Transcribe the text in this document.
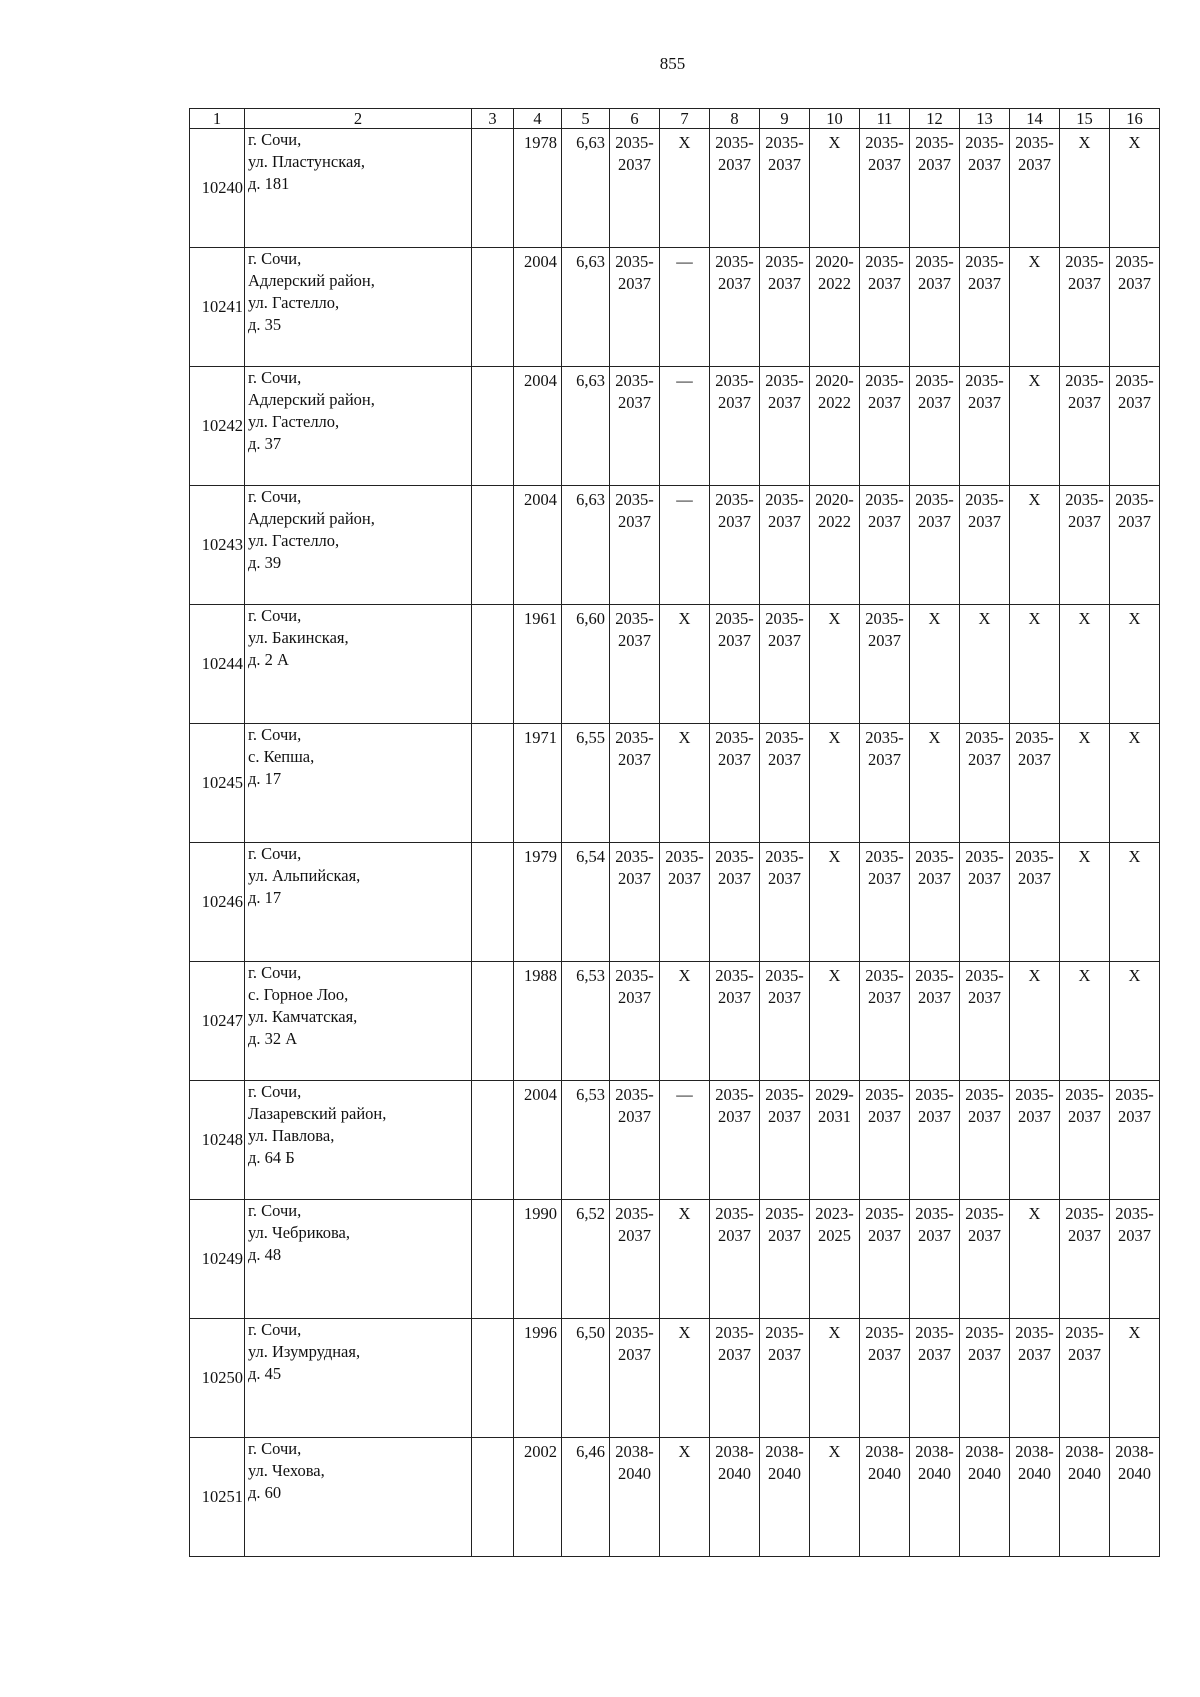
855
1	2	3	4	5	6	7	8	9	10	11	12	13	14	15	16
10240	г. Сочи,
ул. Пластунская,
д. 181		1978	6,63	2035-
2037	Х	2035-
2037	2035-
2037	Х	2035-
2037	2035-
2037	2035-
2037	2035-
2037	Х	Х

10241	г. Сочи,
Адлерский район,
ул. Гастелло,
д. 35		2004	6,63	2035-
2037	—	2035-
2037	2035-
2037	2020-
2022	2035-
2037	2035-
2037	2035-
2037	Х	2035-
2037	2035-
2037

10242	г. Сочи,
Адлерский район,
ул. Гастелло,
д. 37		2004	6,63	2035-
2037	—	2035-
2037	2035-
2037	2020-
2022	2035-
2037	2035-
2037	2035-
2037	Х	2035-
2037	2035-
2037

10243	г. Сочи,
Адлерский район,
ул. Гастелло,
д. 39		2004	6,63	2035-
2037	—	2035-
2037	2035-
2037	2020-
2022	2035-
2037	2035-
2037	2035-
2037	Х	2035-
2037	2035-
2037

10244	г. Сочи,
ул. Бакинская,
д. 2 А		1961	6,60	2035-
2037	Х	2035-
2037	2035-
2037	Х	2035-
2037	Х	Х	Х	Х	Х

10245	г. Сочи,
с. Кепша,
д. 17		1971	6,55	2035-
2037	Х	2035-
2037	2035-
2037	Х	2035-
2037	Х	2035-
2037	2035-
2037	Х	Х

10246	г. Сочи,
ул. Альпийская,
д. 17		1979	6,54	2035-
2037	2035-
2037	2035-
2037	2035-
2037	Х	2035-
2037	2035-
2037	2035-
2037	2035-
2037	Х	Х

10247	г. Сочи,
с. Горное Лоо,
ул. Камчатская,
д. 32 А		1988	6,53	2035-
2037	Х	2035-
2037	2035-
2037	Х	2035-
2037	2035-
2037	2035-
2037	Х	Х	Х

10248	г. Сочи,
Лазаревский район,
ул. Павлова,
д. 64 Б		2004	6,53	2035-
2037	—	2035-
2037	2035-
2037	2029-
2031	2035-
2037	2035-
2037	2035-
2037	2035-
2037	2035-
2037	2035-
2037

10249	г. Сочи,
ул. Чебрикова,
д. 48		1990	6,52	2035-
2037	Х	2035-
2037	2035-
2037	2023-
2025	2035-
2037	2035-
2037	2035-
2037	Х	2035-
2037	2035-
2037

10250	г. Сочи,
ул. Изумрудная,
д. 45		1996	6,50	2035-
2037	Х	2035-
2037	2035-
2037	Х	2035-
2037	2035-
2037	2035-
2037	2035-
2037	2035-
2037	Х

10251	г. Сочи,
ул. Чехова,
д. 60		2002	6,46	2038-
2040	Х	2038-
2040	2038-
2040	Х	2038-
2040	2038-
2040	2038-
2040	2038-
2040	2038-
2040	2038-
2040
